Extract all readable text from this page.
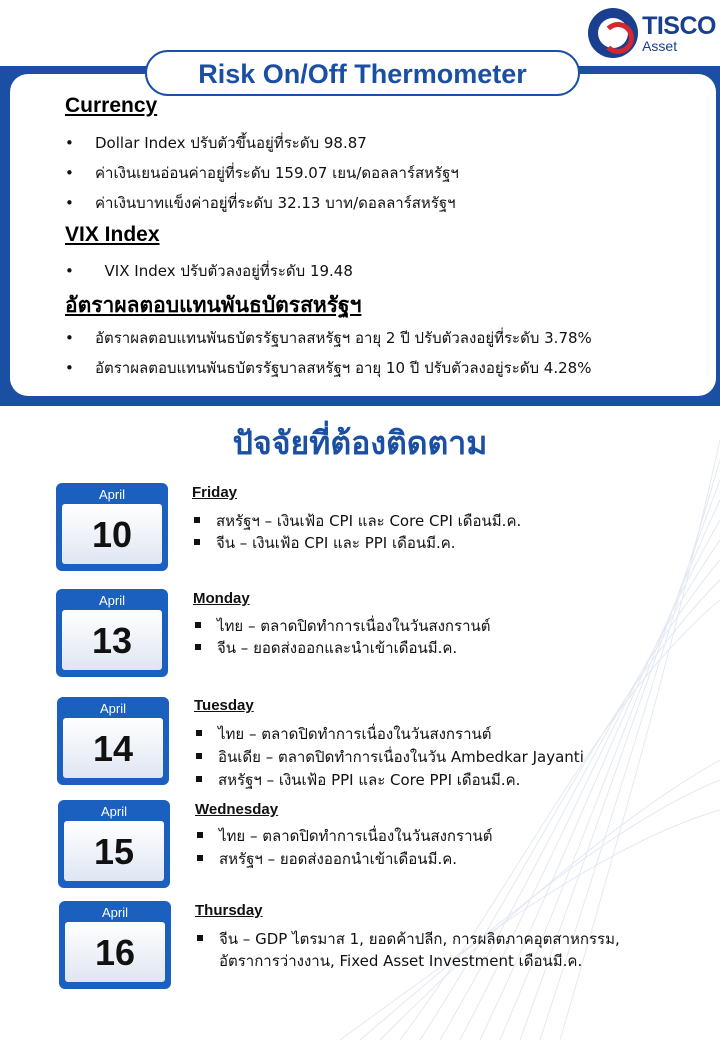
TISCO
Asset
Risk On/Off Thermometer
Currency
• Dollar Index ปรับตัวขึ้นอยู่ที่ระดับ 98.87
• ค่าเงินเยนอ่อนค่าอยู่ที่ระดับ 159.07 เยน/ดอลลาร์สหรัฐฯ
• ค่าเงินบาทแข็งค่าอยู่ที่ระดับ 32.13 บาท/ดอลลาร์สหรัฐฯ
VIX Index
• VIX Index ปรับตัวลงอยู่ที่ระดับ 19.48
อัตราผลตอบแทนพันธบัตรสหรัฐฯ
• อัตราผลตอบแทนพันธบัตรรัฐบาลสหรัฐฯ อายุ 2 ปี ปรับตัวลงอยู่ที่ระดับ 3.78%
• อัตราผลตอบแทนพันธบัตรรัฐบาลสหรัฐฯ อายุ 10 ปี ปรับตัวลงอยู่ระดับ 4.28%
ปัจจัยที่ต้องติดตาม
April
10
Friday
สหรัฐฯ – เงินเฟ้อ CPI และ Core CPI เดือนมี.ค.
จีน – เงินเฟ้อ CPI และ PPI เดือนมี.ค.
April
13
Monday
ไทย – ตลาดปิดทำการเนื่องในวันสงกรานต์
จีน – ยอดส่งออกและนำเข้าเดือนมี.ค.
April
14
Tuesday
ไทย – ตลาดปิดทำการเนื่องในวันสงกรานต์
อินเดีย – ตลาดปิดทำการเนื่องในวัน Ambedkar Jayanti
สหรัฐฯ – เงินเฟ้อ PPI และ Core PPI เดือนมี.ค.
April
15
Wednesday
ไทย – ตลาดปิดทำการเนื่องในวันสงกรานต์
สหรัฐฯ – ยอดส่งออกนำเข้าเดือนมี.ค.
April
16
Thursday
จีน – GDP ไตรมาส 1, ยอดค้าปลีก, การผลิตภาคอุตสาหกรรม,
อัตราการว่างงาน, Fixed Asset Investment เดือนมี.ค.
